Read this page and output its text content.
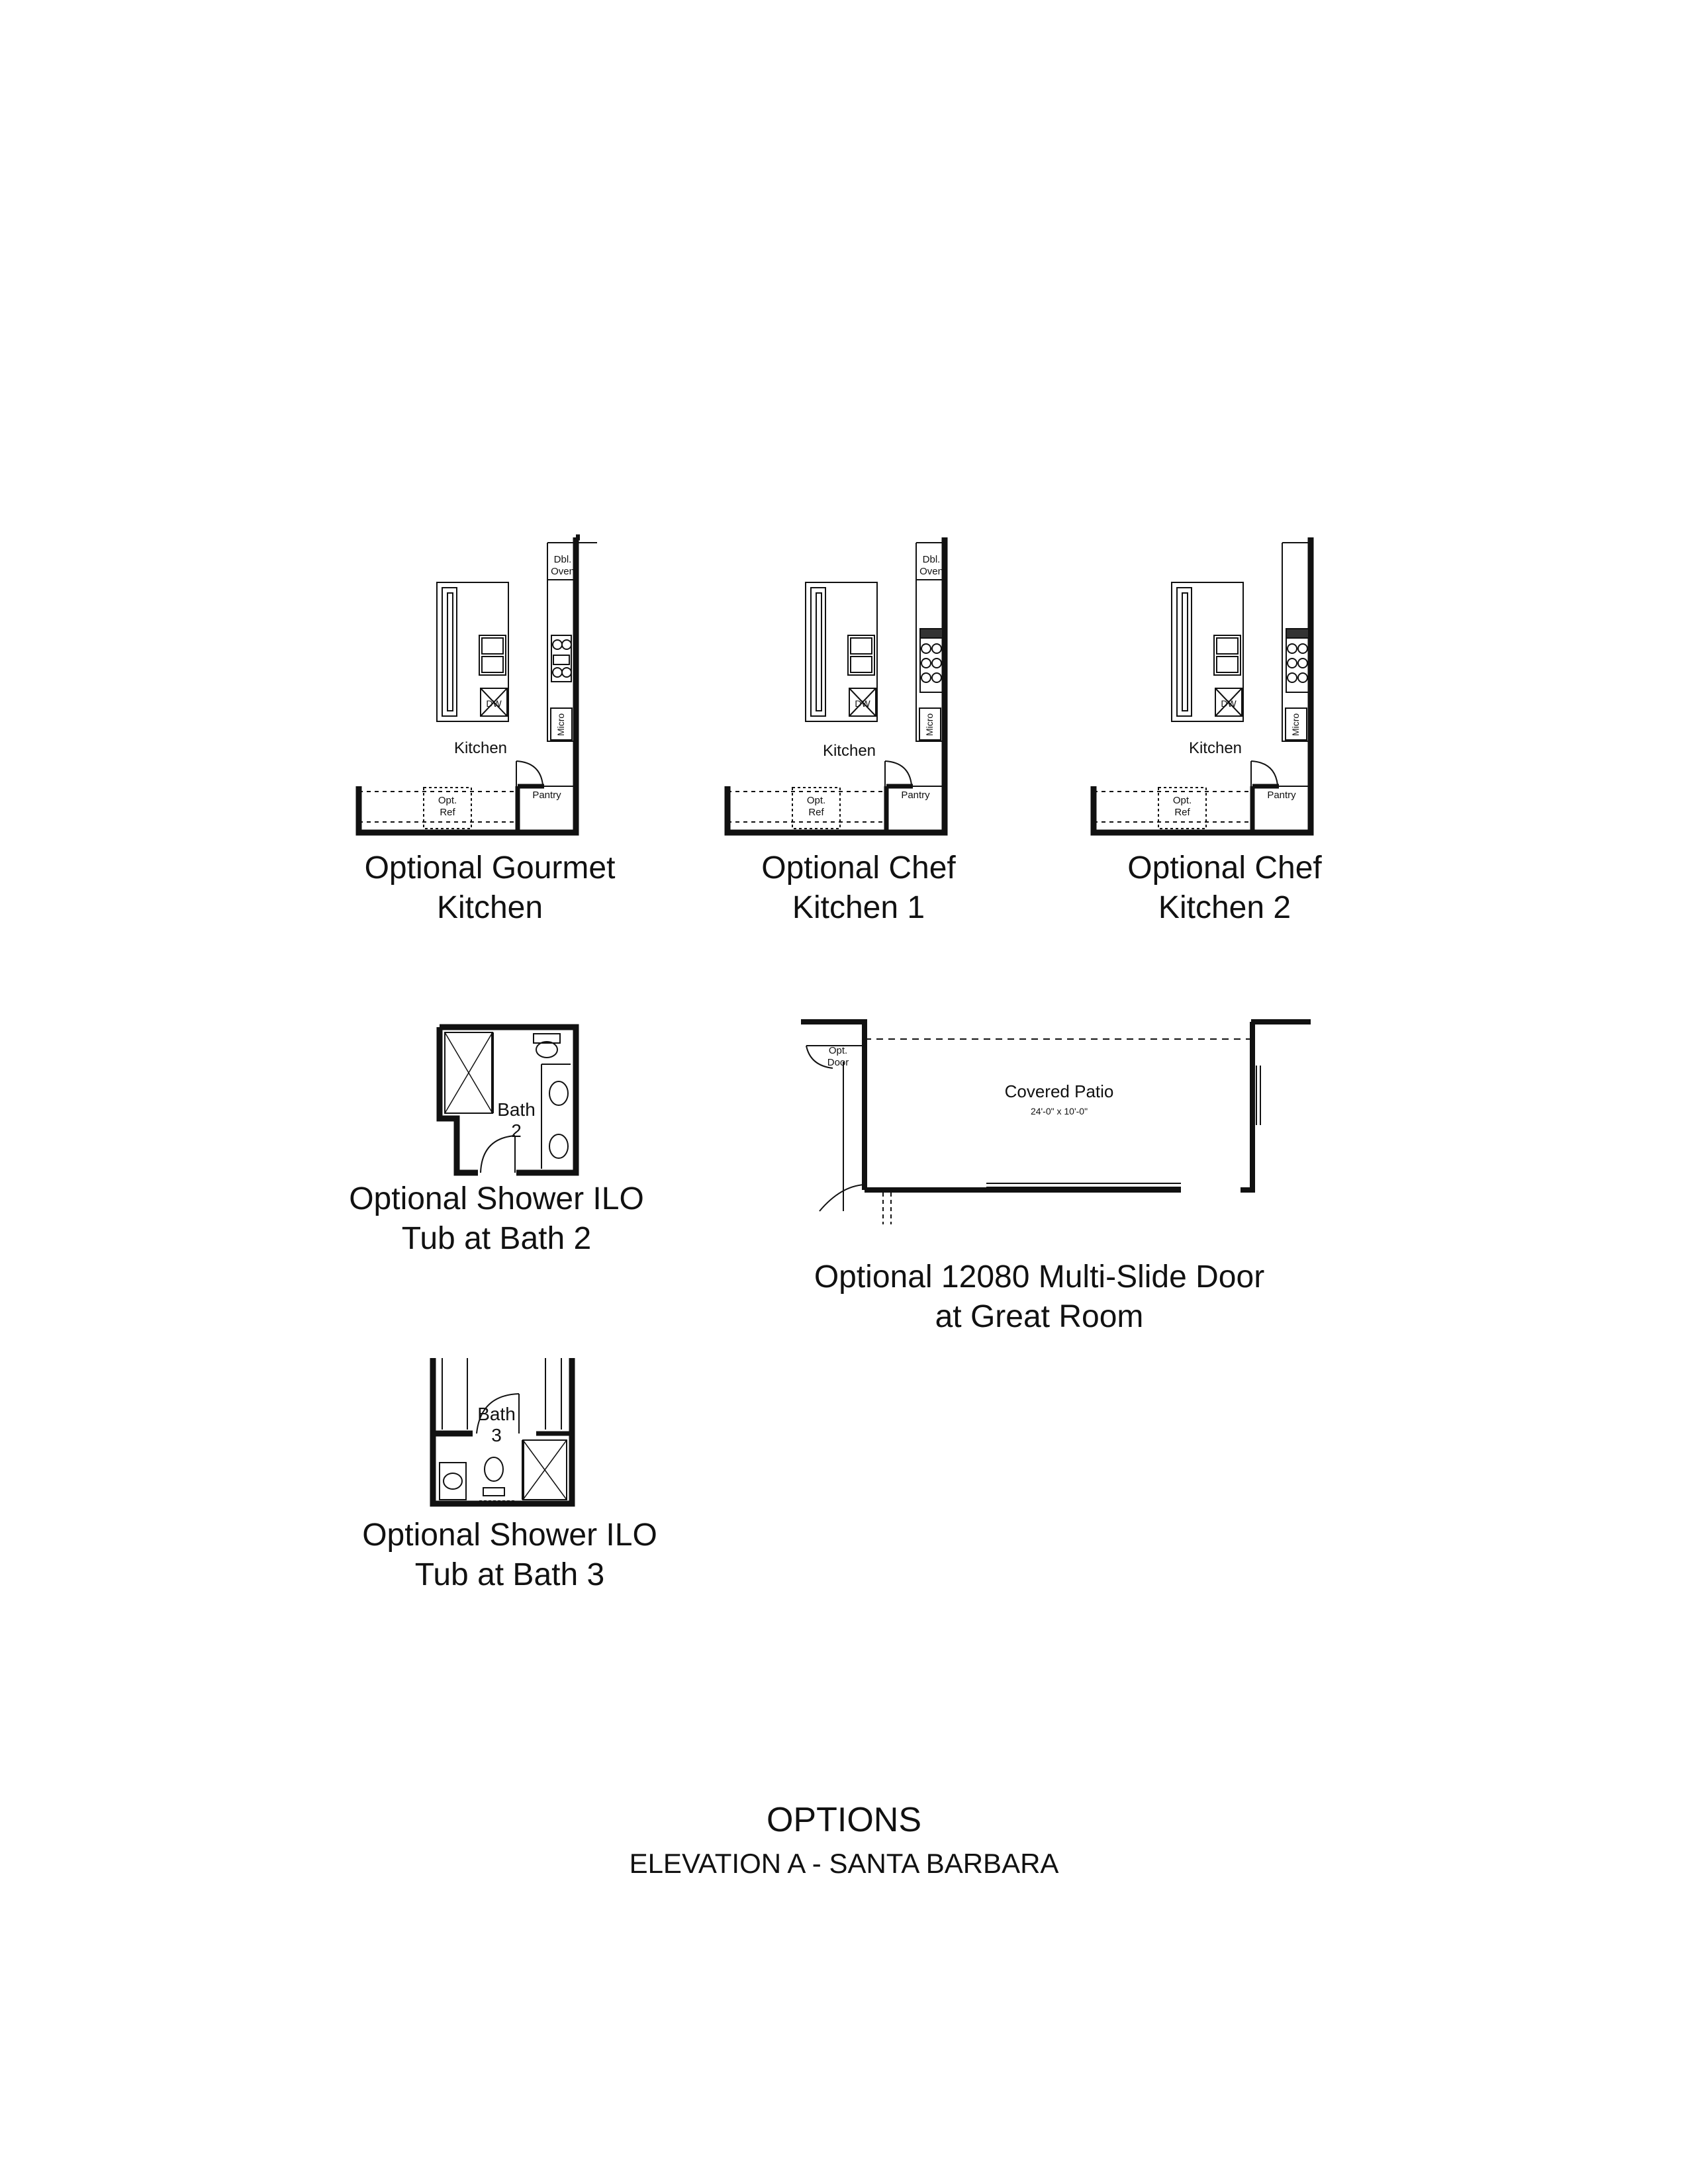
Dbl.
Oven
Micro
DW
Kitchen
Pantry
Opt.
Ref
Optional Gourmet
Kitchen
Dbl.
Oven
Micro
DW
Kitchen
Pantry
Opt.
Ref
Optional Chef
Kitchen 1
Micro
DW
Kitchen
Pantry
Opt.
Ref
Optional Chef
Kitchen 2
Bath
2
Optional Shower ILO
Tub at Bath 2
Bath
3
Optional Shower ILO
Tub at Bath 3
Opt.
Door
Covered Patio
24'-0" x 10'-0"
Optional 12080 Multi-Slide Door
at Great Room
OPTIONS
ELEVATION A - SANTA BARBARA
